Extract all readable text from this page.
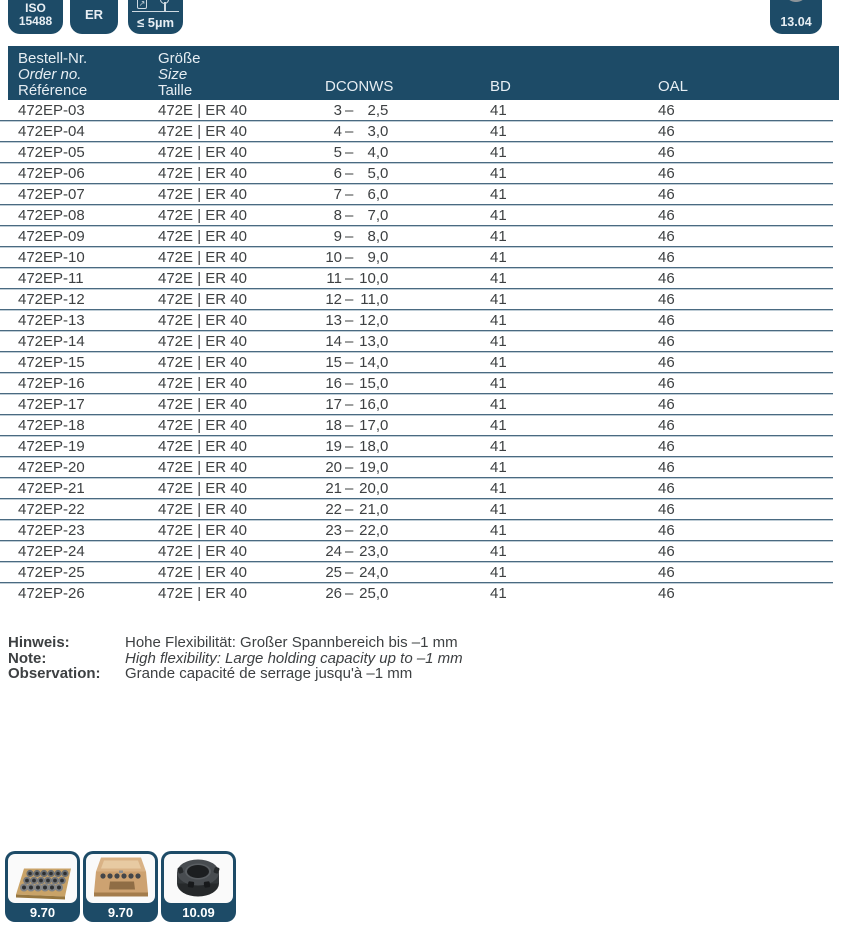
ISO
15488	ER
↗
≤ 5µm	13.04
Bestell-Nr.
Order no.
Référence
Größe
Size
Taille	DCONWS	BD	OAL
472EP-03	472E | ER 40	3 – 2,5	41	46
472EP-04	472E | ER 40	4 – 3,0	41	46
472EP-05	472E | ER 40	5 – 4,0	41	46
472EP-06	472E | ER 40	6 – 5,0	41	46
472EP-07	472E | ER 40	7 – 6,0	41	46
472EP-08	472E | ER 40	8 – 7,0	41	46
472EP-09	472E | ER 40	9 – 8,0	41	46
472EP-10	472E | ER 40	10 – 9,0	41	46
472EP-11	472E | ER 40	11 – 10,0	41	46
472EP-12	472E | ER 40	12 – 11,0	41	46
472EP-13	472E | ER 40	13 – 12,0	41	46
472EP-14	472E | ER 40	14 – 13,0	41	46
472EP-15	472E | ER 40	15 – 14,0	41	46
472EP-16	472E | ER 40	16 – 15,0	41	46
472EP-17	472E | ER 40	17 – 16,0	41	46
472EP-18	472E | ER 40	18 – 17,0	41	46
472EP-19	472E | ER 40	19 – 18,0	41	46
472EP-20	472E | ER 40	20 – 19,0	41	46
472EP-21	472E | ER 40	21 – 20,0	41	46
472EP-22	472E | ER 40	22 – 21,0	41	46
472EP-23	472E | ER 40	23 – 22,0	41	46
472EP-24	472E | ER 40	24 – 23,0	41	46
472EP-25	472E | ER 40	25 – 24,0	41	46
472EP-26	472E | ER 40	26 – 25,0	41	46
Hinweis:	Hohe Flexibilität: Großer Spannbereich bis –1 mm
Note:	High flexibility: Large holding capacity up to –1 mm
Observation:	Grande capacité de serrage jusqu'à –1 mm
9.70	9.70	10.09
